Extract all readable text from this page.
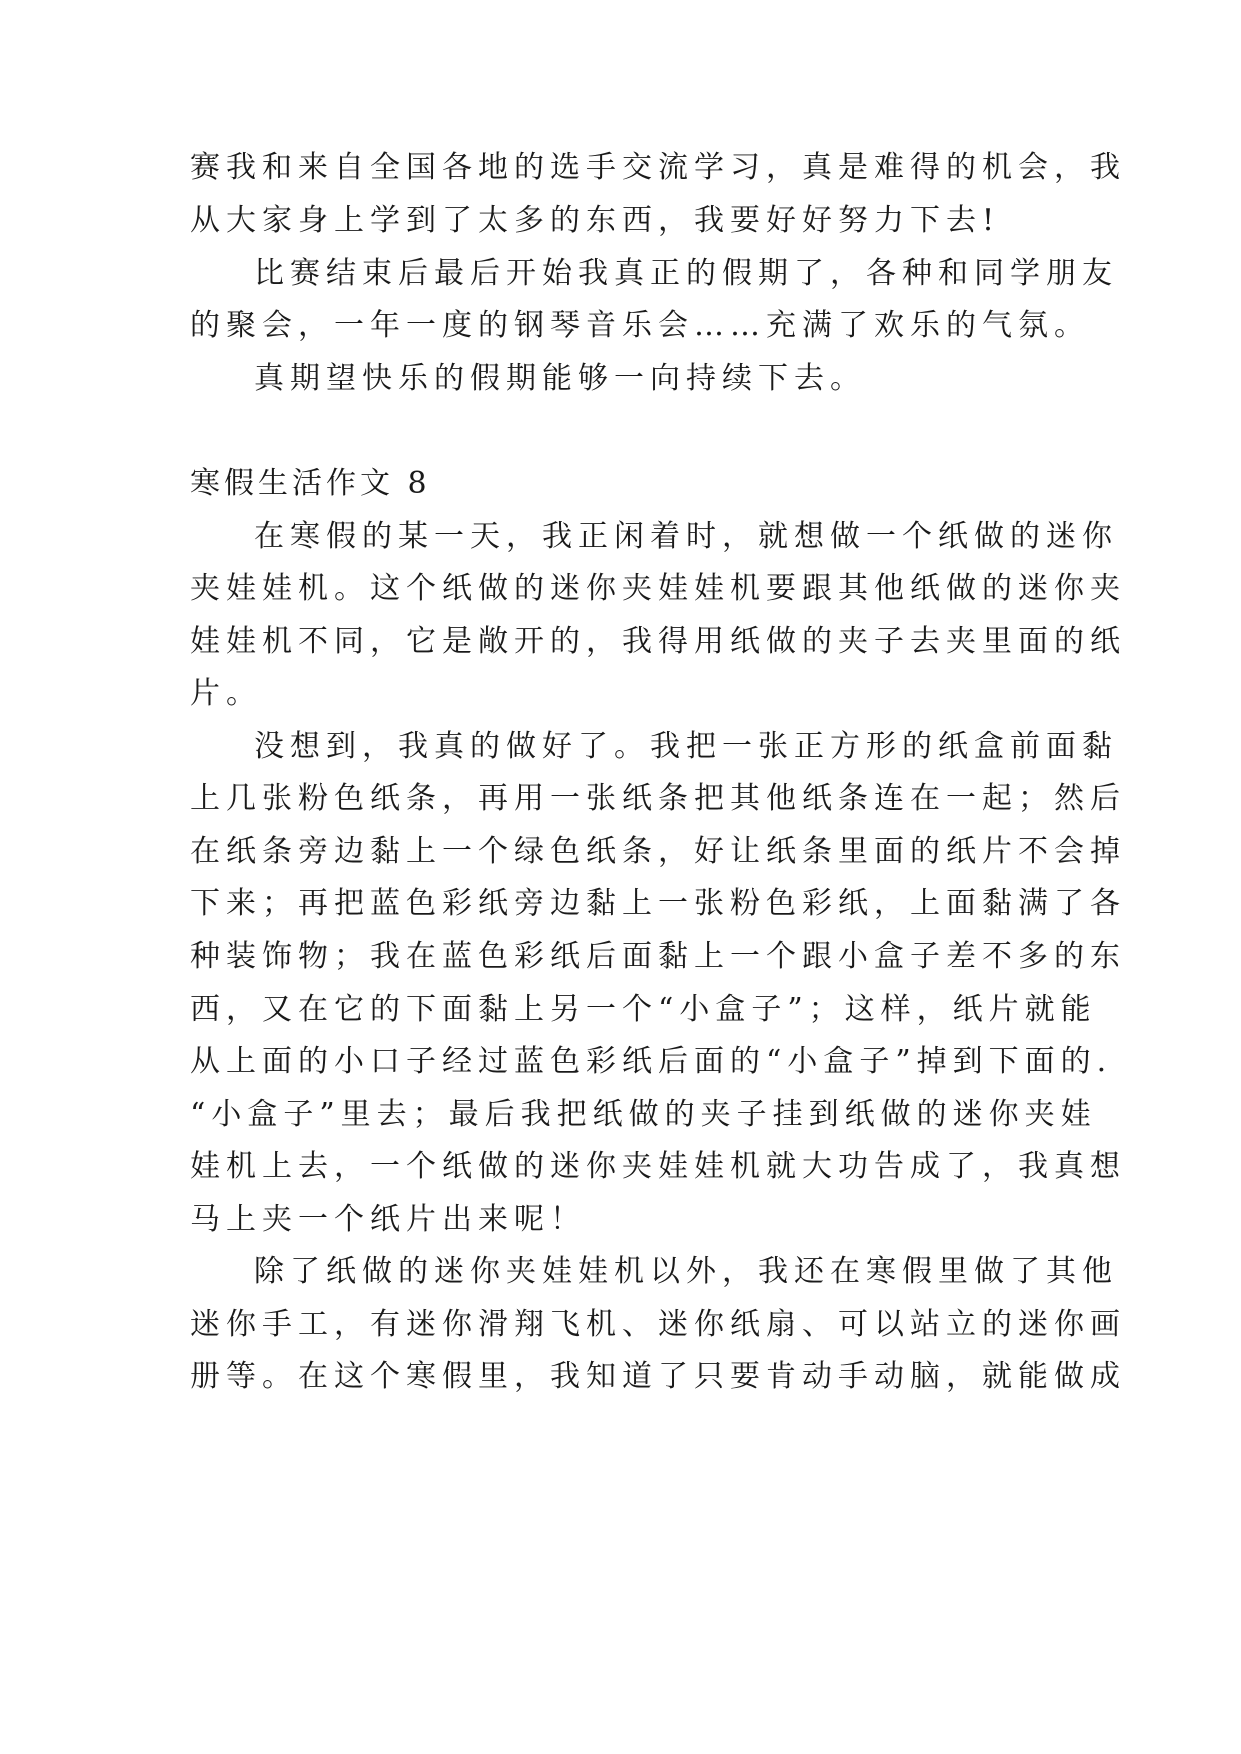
赛我和来自全国各地的选手交流学习，真是难得的机会，我
从大家身上学到了太多的东西，我要好好努力下去!
比赛结束后最后开始我真正的假期了，各种和同学朋友
的聚会，一年一度的钢琴音乐会……充满了欢乐的气氛。
真期望快乐的假期能够一向持续下去。
寒假生活作文 8
在寒假的某一天，我正闲着时，就想做一个纸做的迷你
夹娃娃机。这个纸做的迷你夹娃娃机要跟其他纸做的迷你夹
娃娃机不同，它是敞开的，我得用纸做的夹子去夹里面的纸
片。
没想到，我真的做好了。我把一张正方形的纸盒前面黏
上几张粉色纸条，再用一张纸条把其他纸条连在一起；然后
在纸条旁边黏上一个绿色纸条，好让纸条里面的纸片不会掉
下来；再把蓝色彩纸旁边黏上一张粉色彩纸，上面黏满了各
种装饰物；我在蓝色彩纸后面黏上一个跟小盒子差不多的东
西，又在它的下面黏上另一个“小盒子”；这样，纸片就能
从上面的小口子经过蓝色彩纸后面的“小盒子”掉到下面的.
“小盒子”里去；最后我把纸做的夹子挂到纸做的迷你夹娃
娃机上去，一个纸做的迷你夹娃娃机就大功告成了，我真想
马上夹一个纸片出来呢！
除了纸做的迷你夹娃娃机以外，我还在寒假里做了其他
迷你手工，有迷你滑翔飞机、迷你纸扇、可以站立的迷你画
册等。在这个寒假里，我知道了只要肯动手动脑，就能做成
